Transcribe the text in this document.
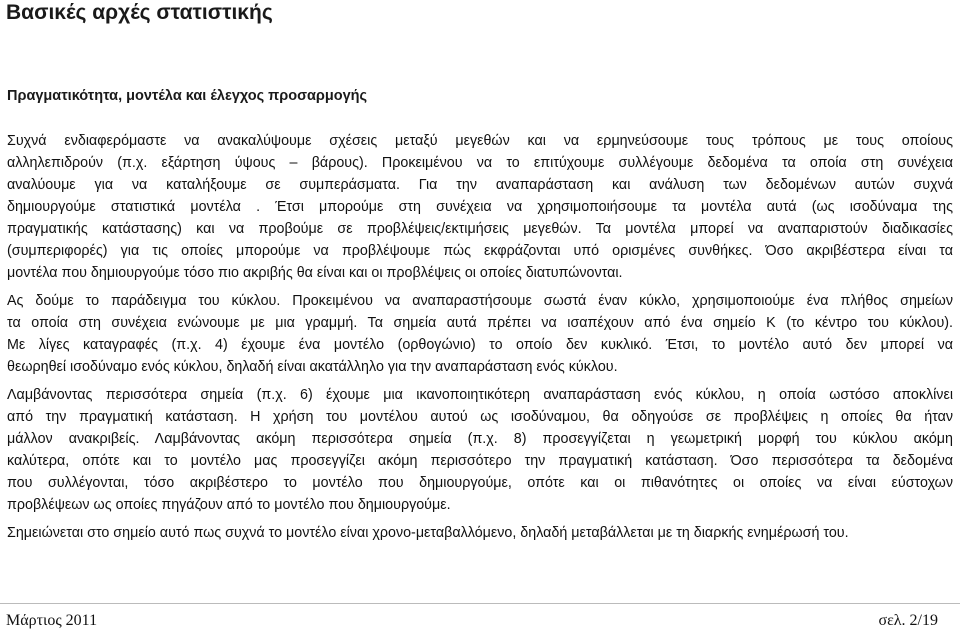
Βασικές αρχές στατιστικής
Πραγματικότητα, μοντέλα και έλεγχος προσαρμογής

Συχνά ενδιαφερόμαστε να ανακαλύψουμε σχέσεις μεταξύ μεγεθών και να ερμηνεύσουμε τους τρόπους με τους οποίους
αλληλεπιδρούν (π.χ. εξάρτηση ύψους – βάρους). Προκειμένου να το επιτύχουμε συλλέγουμε δεδομένα τα οποία στη συνέχεια
αναλύουμε για να καταλήξουμε σε συμπεράσματα. Για την αναπαράσταση και ανάλυση των δεδομένων αυτών συχνά
δημιουργούμε στατιστικά μοντέλα . Έτσι μπορούμε στη συνέχεια να χρησιμοποιήσουμε τα μοντέλα αυτά (ως ισοδύναμα της
πραγματικής κατάστασης) και να προβούμε σε προβλέψεις/εκτιμήσεις μεγεθών. Τα μοντέλα μπορεί να αναπαριστούν διαδικασίες
(συμπεριφορές) για τις οποίες μπορούμε να προβλέψουμε πώς εκφράζονται υπό ορισμένες συνθήκες. Όσο ακριβέστερα είναι τα
μοντέλα που δημιουργούμε τόσο πιο ακριβής θα είναι και οι προβλέψεις οι οποίες διατυπώνονται.

Ας δούμε το παράδειγμα του κύκλου. Προκειμένου να αναπαραστήσουμε σωστά έναν κύκλο, χρησιμοποιούμε ένα πλήθος σημείων
τα οποία στη συνέχεια ενώνουμε με μια γραμμή. Τα σημεία αυτά πρέπει να ισαπέχουν από ένα σημείο Κ (το κέντρο του κύκλου).
Με λίγες καταγραφές (π.χ. 4) έχουμε ένα μοντέλο (ορθογώνιο) το οποίο δεν κυκλικό. Έτσι, το μοντέλο αυτό δεν μπορεί να
θεωρηθεί ισοδύναμο ενός κύκλου, δηλαδή είναι ακατάλληλο για την αναπαράσταση ενός κύκλου.

Λαμβάνοντας περισσότερα σημεία (π.χ. 6) έχουμε μια ικανοποιητικότερη αναπαράσταση ενός κύκλου, η οποία ωστόσο αποκλίνει
από την πραγματική κατάσταση. Η χρήση του μοντέλου αυτού ως ισοδύναμου, θα οδηγούσε σε προβλέψεις η οποίες θα ήταν
μάλλον ανακριβείς. Λαμβάνοντας ακόμη περισσότερα σημεία (π.χ. 8) προσεγγίζεται η γεωμετρική μορφή του κύκλου ακόμη
καλύτερα, οπότε και το μοντέλο μας προσεγγίζει ακόμη περισσότερο την πραγματική κατάσταση. Όσο περισσότερα τα δεδομένα
που συλλέγονται, τόσο ακριβέστερο το μοντέλο που δημιουργούμε, οπότε και οι πιθανότητες οι οποίες να είναι εύστοχων
προβλέψεων ως οποίες πηγάζουν από το μοντέλο που δημιουργούμε.

Σημειώνεται στο σημείο αυτό πως συχνά το μοντέλο είναι χρονο-μεταβαλλόμενο, δηλαδή μεταβάλλεται με τη διαρκής ενημέρωσή του.

Μάρτιος 2011	σελ. 2/19
